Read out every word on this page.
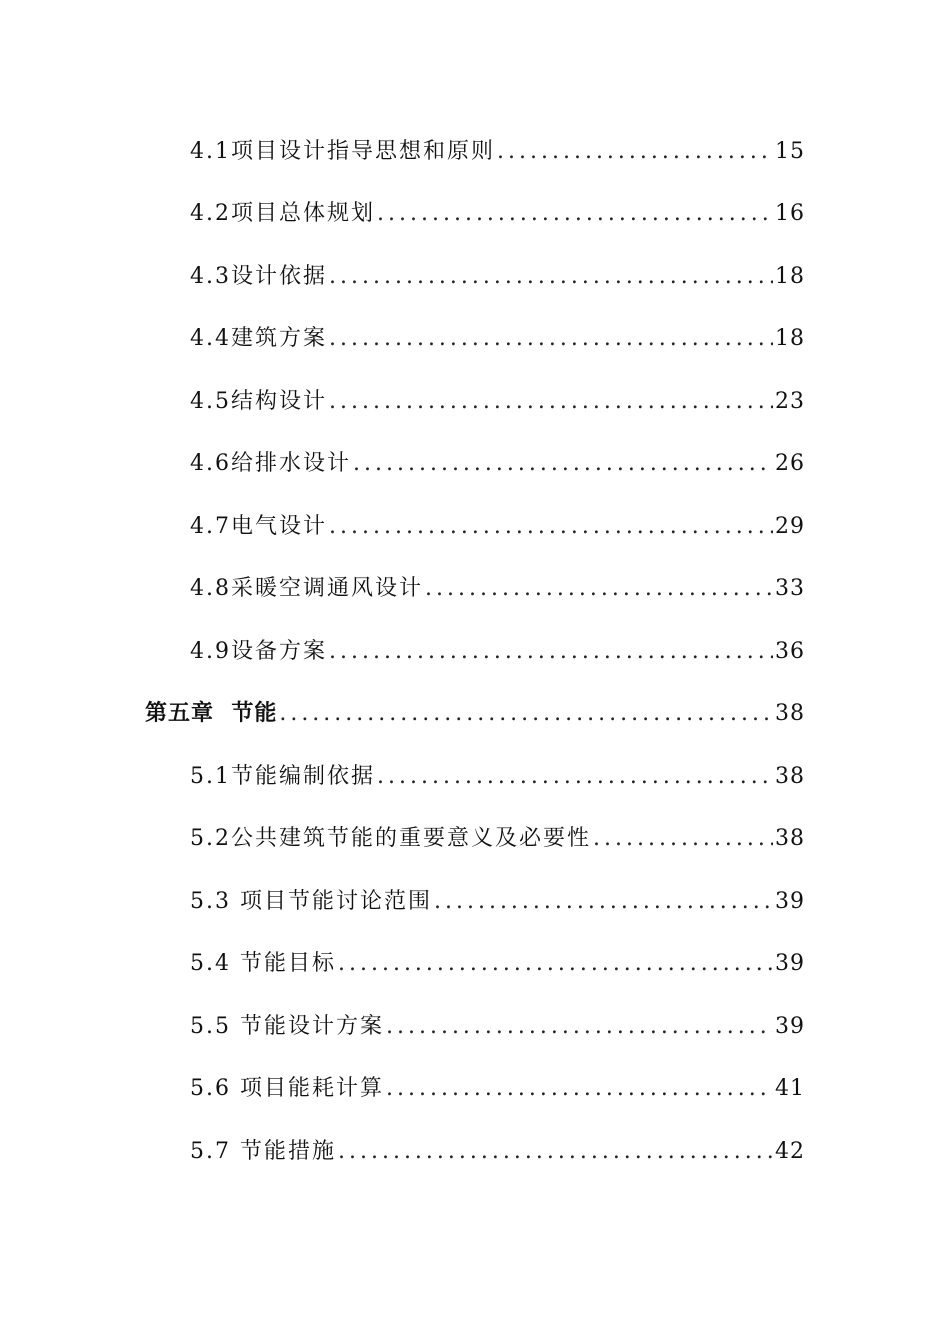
4.1项目设计指导思想和原则 .....	15
4.2项目总体规划 .....	16
4.3设计依据 .....	18
4.4建筑方案 .....	18
4.5结构设计 .....	23
4.6给排水设计 .....	26
4.7电气设计 .....	29
4.8采暖空调通风设计 .....	33
4.9设备方案 .....	36
第五章  节能 .....	38
5.1节能编制依据 .....	38
5.2公共建筑节能的重要意义及必要性 .....	38
5.3 项目节能讨论范围 .....	39
5.4 节能目标 .....	39
5.5 节能设计方案 .....	39
5.6 项目能耗计算 .....	41
5.7 节能措施 .....	42
